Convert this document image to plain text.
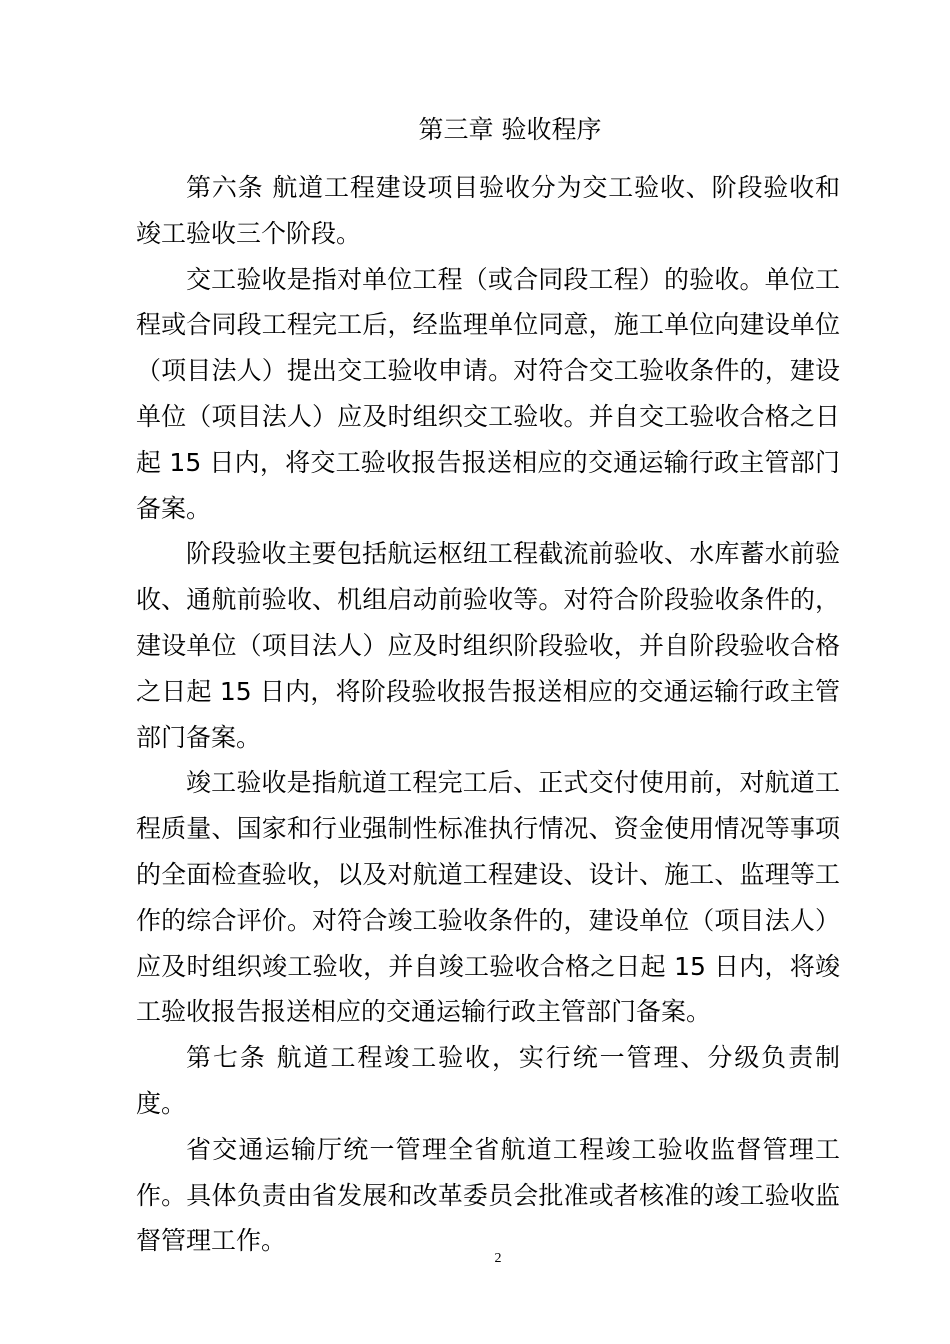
第三章 验收程序

第六条 航道工程建设项目验收分为交工验收、阶段验收和竣工验收三个阶段。

交工验收是指对单位工程（或合同段工程）的验收。单位工程或合同段工程完工后，经监理单位同意，施工单位向建设单位（项目法人）提出交工验收申请。对符合交工验收条件的，建设单位（项目法人）应及时组织交工验收。并自交工验收合格之日起 15 日内，将交工验收报告报送相应的交通运输行政主管部门备案。

阶段验收主要包括航运枢纽工程截流前验收、水库蓄水前验收、通航前验收、机组启动前验收等。对符合阶段验收条件的，建设单位（项目法人）应及时组织阶段验收，并自阶段验收合格之日起 15 日内，将阶段验收报告报送相应的交通运输行政主管部门备案。

竣工验收是指航道工程完工后、正式交付使用前，对航道工程质量、国家和行业强制性标准执行情况、资金使用情况等事项的全面检查验收，以及对航道工程建设、设计、施工、监理等工作的综合评价。对符合竣工验收条件的，建设单位（项目法人）应及时组织竣工验收，并自竣工验收合格之日起 15 日内，将竣工验收报告报送相应的交通运输行政主管部门备案。

第七条 航道工程竣工验收，实行统一管理、分级负责制度。

省交通运输厅统一管理全省航道工程竣工验收监督管理工作。具体负责由省发展和改革委员会批准或者核准的竣工验收监督管理工作。

2
